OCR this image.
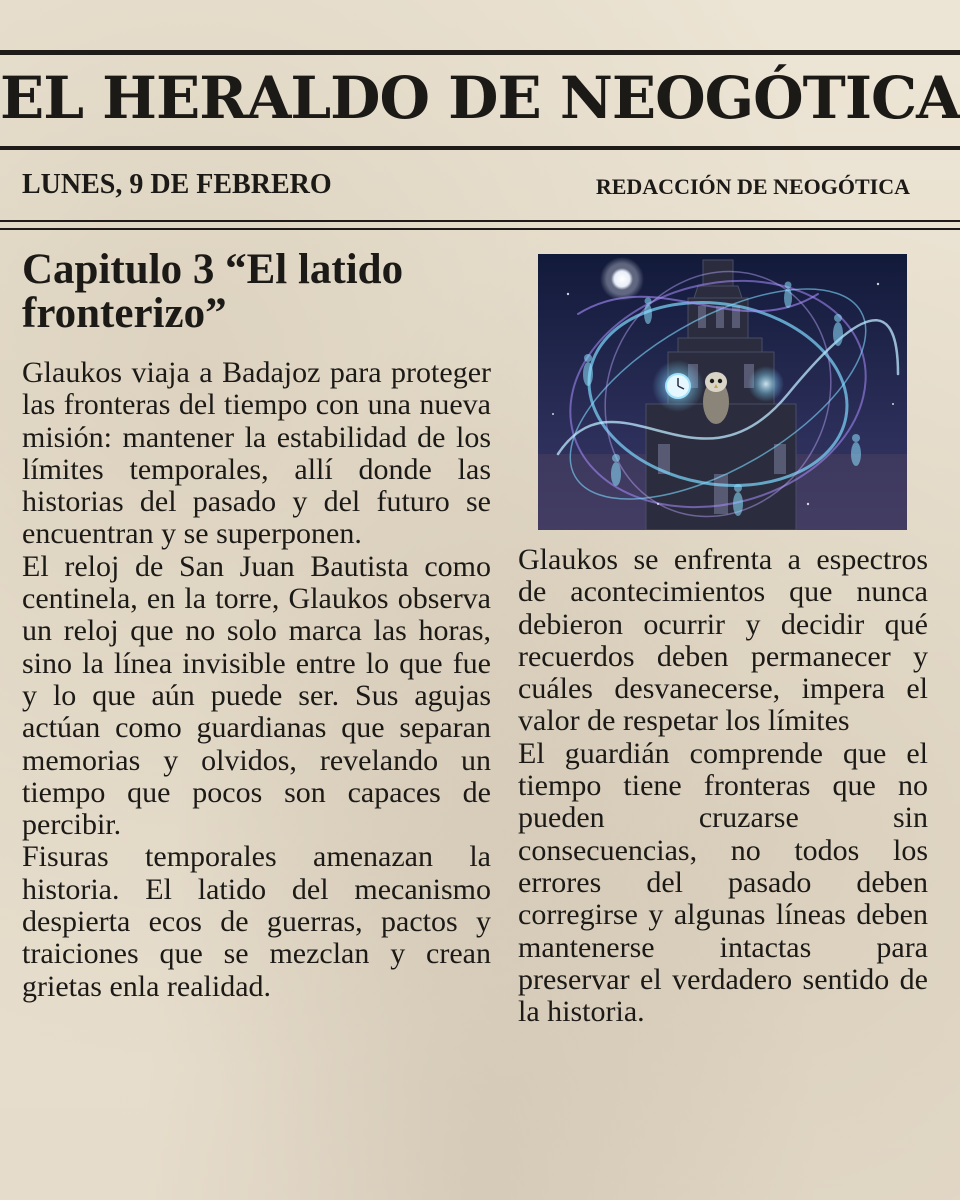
EL HERALDO DE NEOGÓTICA
LUNES, 9 DE FEBRERO	REDACCIÓN DE NEOGÓTICA
Capitulo 3 “El latido fronterizo”

Glaukos viaja a Badajoz para proteger las fronteras del tiempo con una nueva misión: mantener la estabilidad de los límites temporales, allí donde las historias del pasado y del futuro se encuentran y se superponen.

El reloj de San Juan Bautista como centinela, en la torre, Glaukos observa un reloj que no solo marca las horas, sino la línea invisible entre lo que fue y lo que aún puede ser. Sus agujas actúan como guardianas que separan memorias y olvidos, revelando un tiempo que pocos son capaces de percibir.

Fisuras temporales amenazan la historia. El latido del mecanismo despierta ecos de guerras, pactos y traiciones que se mezclan y crean grietas enla realidad.

Glaukos se enfrenta a espectros de acontecimientos que nunca debieron ocurrir y decidir qué recuerdos deben permanecer y cuáles desvanecerse, impera el valor de respetar los límites

El guardián comprende que el tiempo tiene fronteras que no pueden cruzarse sin consecuencias, no todos los errores del pasado deben corregirse y algunas líneas deben mantenerse intactas para preservar el verdadero sentido de la historia.
